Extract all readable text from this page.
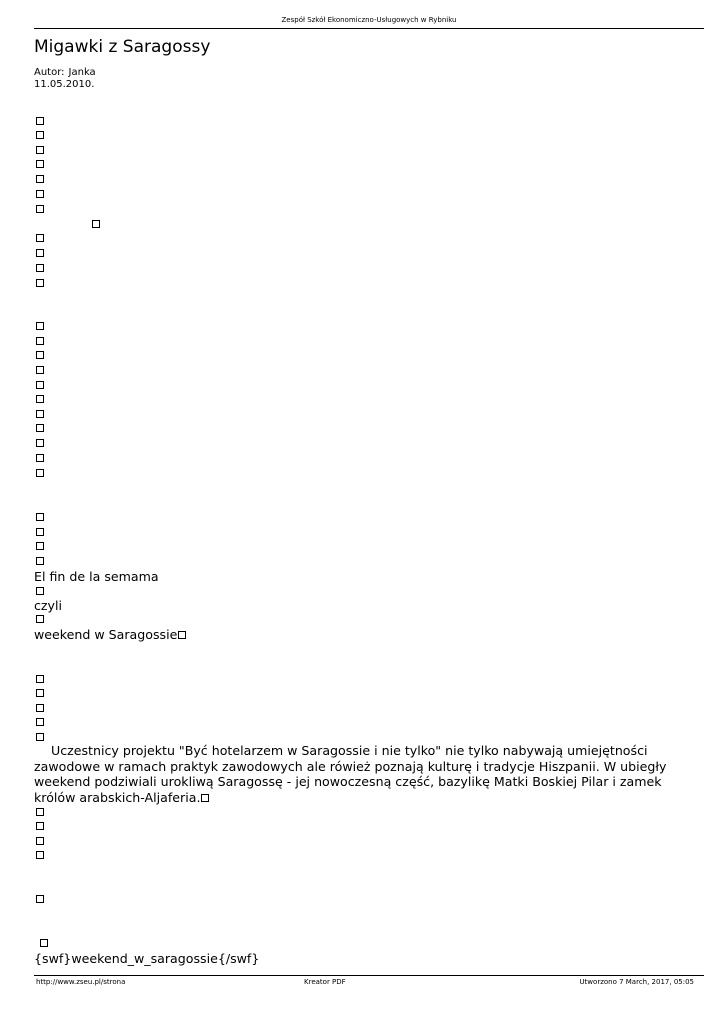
Zespół Szkół Ekonomiczno-Usługowych w Rybniku
Migawki z Saragossy
Autor: Janka
11.05.2010.
El fin de la semama
czyli
weekend w Saragossie
Uczestnicy projektu "Być hotelarzem w Saragossie i nie tylko" nie tylko nabywają umiejętności
zawodowe w ramach praktyk zawodowych ale rówież poznają kulturę i tradycje Hiszpanii. W ubiegły
weekend podziwiali urokliwą Saragossę - jej nowoczesną część, bazylikę Matki Boskiej Pilar i zamek
królów arabskich-Aljaferia.
{swf}weekend_w_saragossie{/swf}
http://www.zseu.pl/strona	Kreator PDF	Utworzono 7 March, 2017, 05:05
